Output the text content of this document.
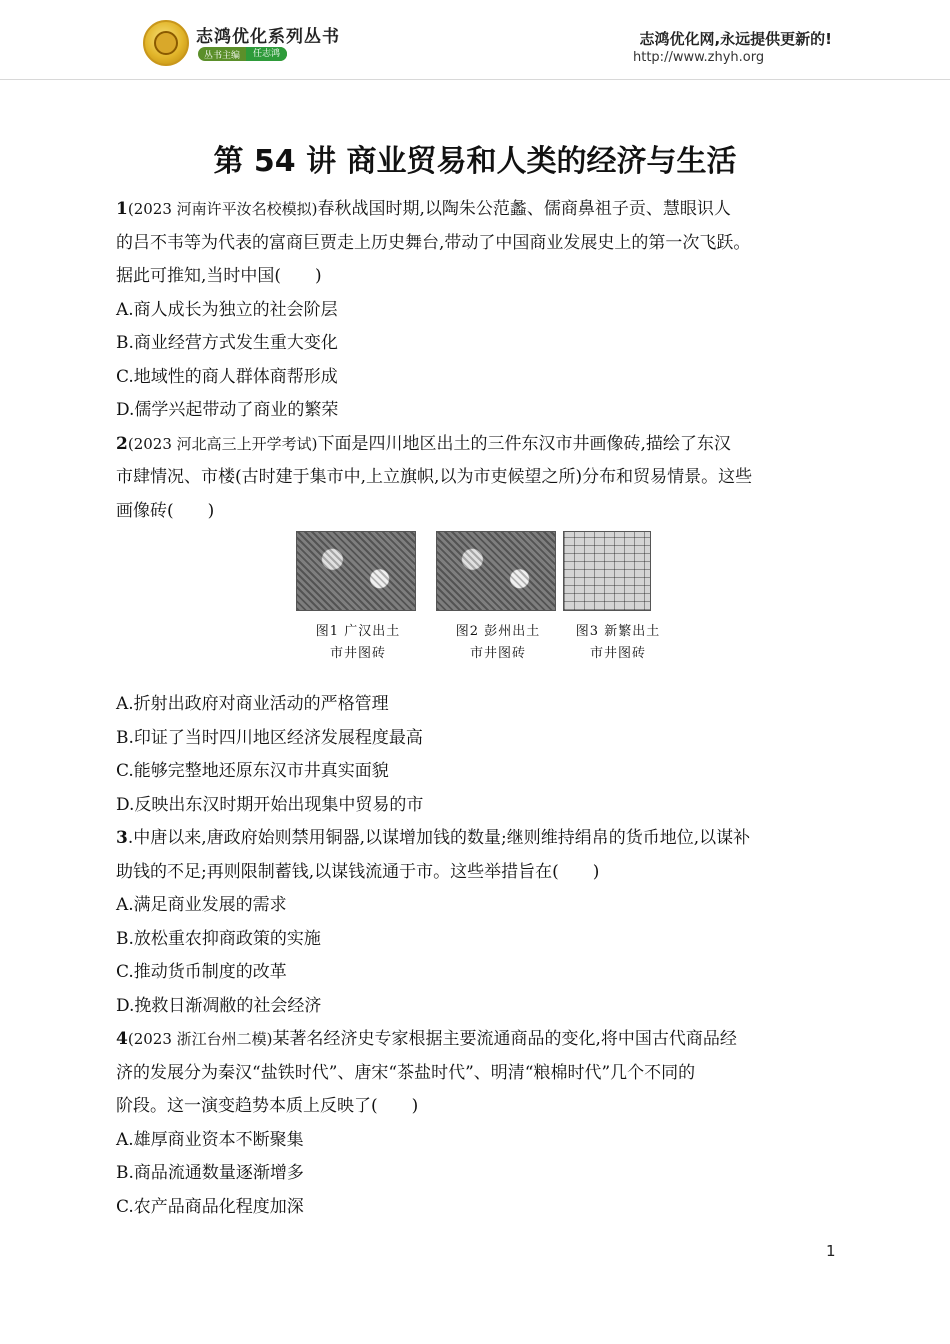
志鸿优化系列丛书
丛书主编	任志鸿
志鸿优化网,永远提供更新的!
http://www.zhyh.org
第 54 讲 商业贸易和人类的经济与生活
1(2023 河南许平汝名校模拟)春秋战国时期,以陶朱公范蠡、儒商鼻祖子贡、慧眼识人
的吕不韦等为代表的富商巨贾走上历史舞台,带动了中国商业发展史上的第一次飞跃。
据此可推知,当时中国(　　)
A.商人成长为独立的社会阶层
B.商业经营方式发生重大变化
C.地域性的商人群体商帮形成
D.儒学兴起带动了商业的繁荣
2(2023 河北高三上开学考试)下面是四川地区出土的三件东汉市井画像砖,描绘了东汉
市肆情况、市楼(古时建于集市中,上立旗帜,以为市吏候望之所)分布和贸易情景。这些
画像砖(　　)
图1 广汉出土
市井图砖
图2 彭州出土
市井图砖
图3 新繁出土
市井图砖
A.折射出政府对商业活动的严格管理
B.印证了当时四川地区经济发展程度最高
C.能够完整地还原东汉市井真实面貌
D.反映出东汉时期开始出现集中贸易的市
3.中唐以来,唐政府始则禁用铜器,以谋增加钱的数量;继则维持绢帛的货币地位,以谋补
助钱的不足;再则限制蓄钱,以谋钱流通于市。这些举措旨在(　　)
A.满足商业发展的需求
B.放松重农抑商政策的实施
C.推动货币制度的改革
D.挽救日渐凋敝的社会经济
4(2023 浙江台州二模)某著名经济史专家根据主要流通商品的变化,将中国古代商品经
济的发展分为秦汉“盐铁时代”、唐宋“茶盐时代”、明清“粮棉时代”几个不同的
阶段。这一演变趋势本质上反映了(　　)
A.雄厚商业资本不断聚集
B.商品流通数量逐渐增多
C.农产品商品化程度加深
1
